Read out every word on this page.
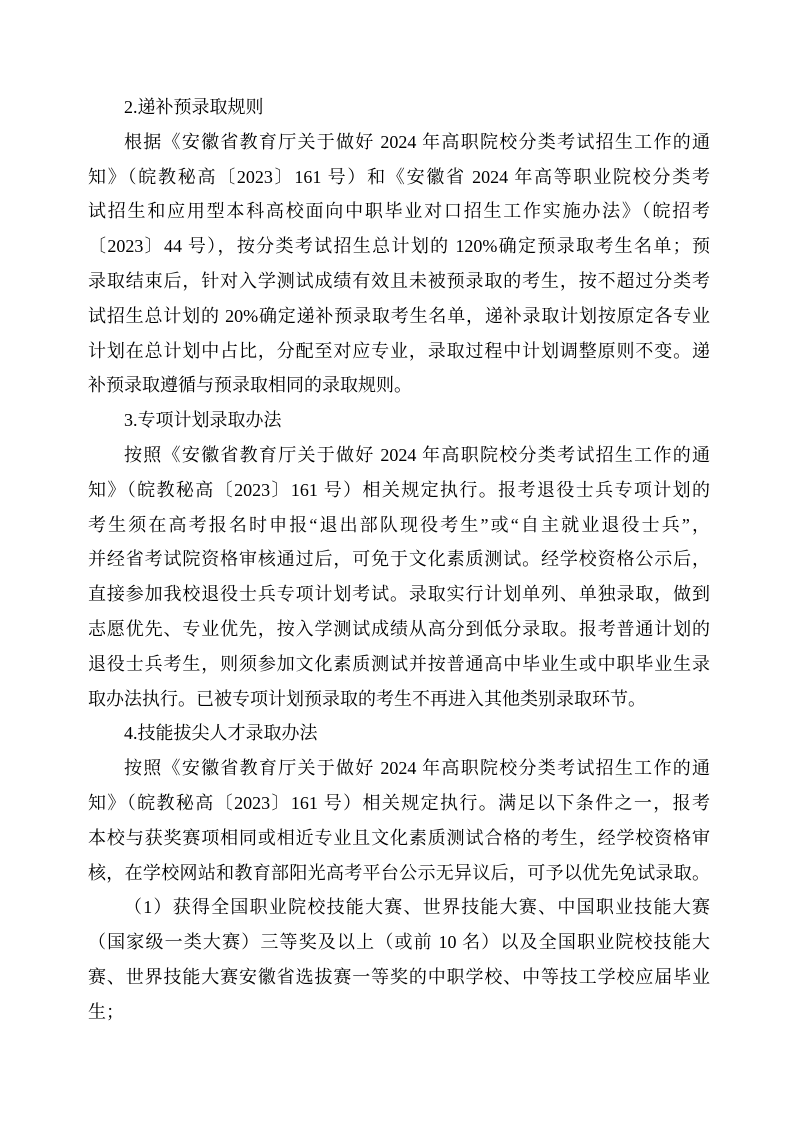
2.递补预录取规则
根据《安徽省教育厅关于做好 2024 年高职院校分类考试招生工作的通
知》（皖教秘高〔2023〕161 号）和《安徽省 2024 年高等职业院校分类考
试招生和应用型本科高校面向中职毕业对口招生工作实施办法》（皖招考
〔2023〕44 号），按分类考试招生总计划的 120%确定预录取考生名单；预
录取结束后，针对入学测试成绩有效且未被预录取的考生，按不超过分类考
试招生总计划的 20%确定递补预录取考生名单，递补录取计划按原定各专业
计划在总计划中占比，分配至对应专业，录取过程中计划调整原则不变。递
补预录取遵循与预录取相同的录取规则。
3.专项计划录取办法
按照《安徽省教育厅关于做好 2024 年高职院校分类考试招生工作的通
知》（皖教秘高〔2023〕161 号）相关规定执行。报考退役士兵专项计划的
考生须在高考报名时申报“退出部队现役考生”或“自主就业退役士兵”，
并经省考试院资格审核通过后，可免于文化素质测试。经学校资格公示后，
直接参加我校退役士兵专项计划考试。录取实行计划单列、单独录取，做到
志愿优先、专业优先，按入学测试成绩从高分到低分录取。报考普通计划的
退役士兵考生，则须参加文化素质测试并按普通高中毕业生或中职毕业生录
取办法执行。已被专项计划预录取的考生不再进入其他类别录取环节。
4.技能拔尖人才录取办法
按照《安徽省教育厅关于做好 2024 年高职院校分类考试招生工作的通
知》（皖教秘高〔2023〕161 号）相关规定执行。满足以下条件之一，报考
本校与获奖赛项相同或相近专业且文化素质测试合格的考生，经学校资格审
核，在学校网站和教育部阳光高考平台公示无异议后，可予以优先免试录取。
（1）获得全国职业院校技能大赛、世界技能大赛、中国职业技能大赛
（国家级一类大赛）三等奖及以上（或前 10 名）以及全国职业院校技能大
赛、世界技能大赛安徽省选拔赛一等奖的中职学校、中等技工学校应届毕业
生；
